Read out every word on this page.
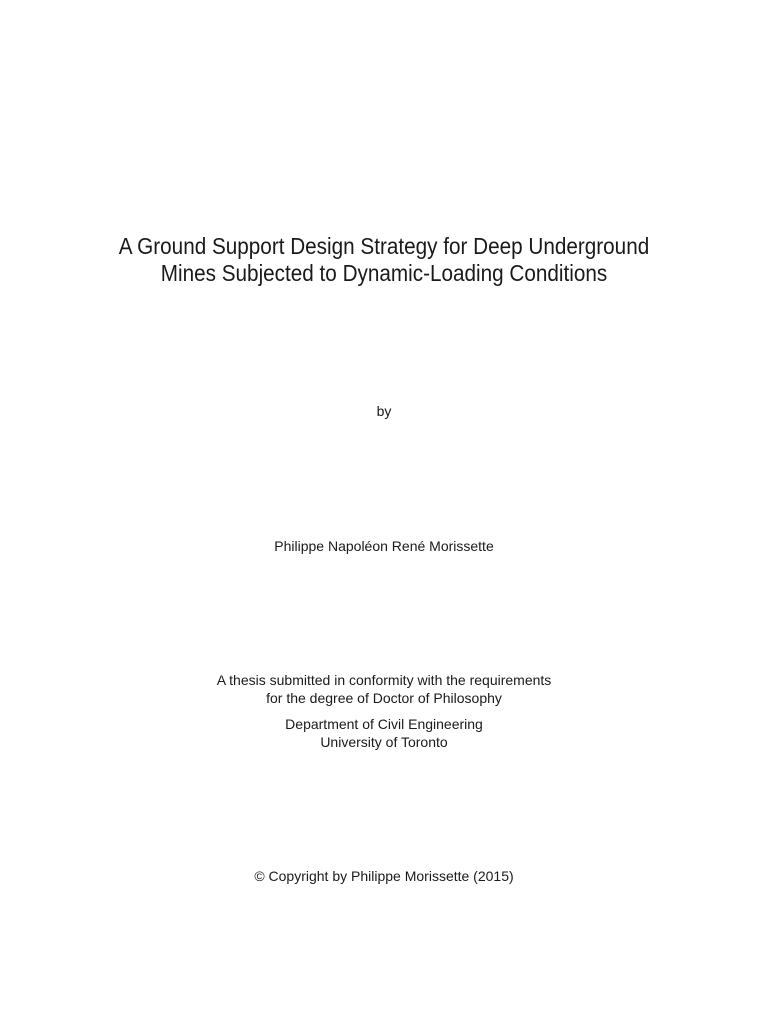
A Ground Support Design Strategy for Deep Underground
Mines Subjected to Dynamic-Loading Conditions
by
Philippe Napoléon René Morissette
A thesis submitted in conformity with the requirements
for the degree of Doctor of Philosophy
Department of Civil Engineering
University of Toronto
© Copyright by Philippe Morissette (2015)
